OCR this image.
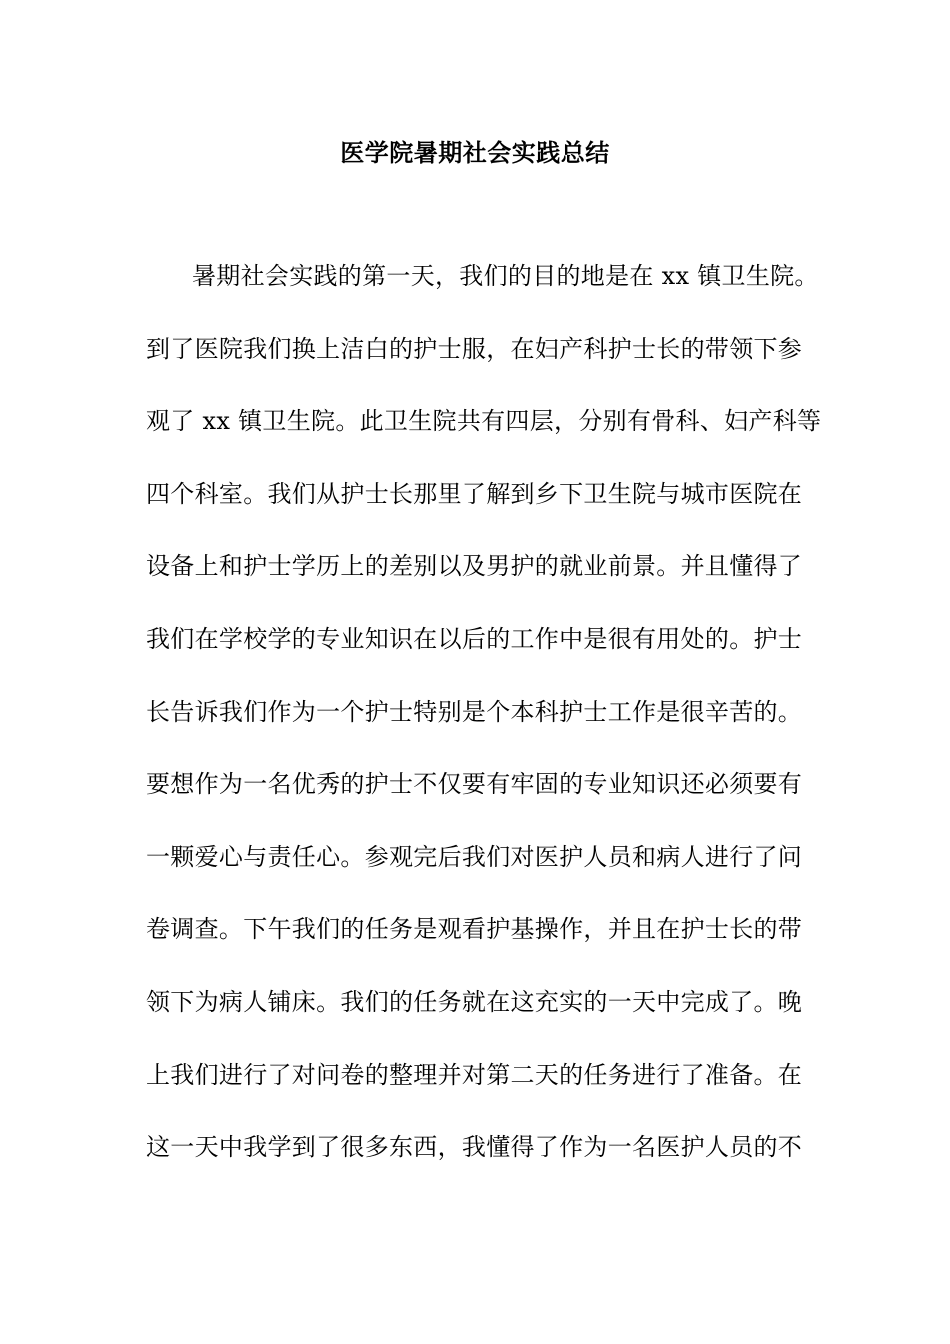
医学院暑期社会实践总结
暑期社会实践的第一天，我们的目的地是在 xx 镇卫生院。
到了医院我们换上洁白的护士服，在妇产科护士长的带领下参
观了 xx 镇卫生院。此卫生院共有四层，分别有骨科、妇产科等
四个科室。我们从护士长那里了解到乡下卫生院与城市医院在
设备上和护士学历上的差别以及男护的就业前景。并且懂得了
我们在学校学的专业知识在以后的工作中是很有用处的。护士
长告诉我们作为一个护士特别是个本科护士工作是很辛苦的。
要想作为一名优秀的护士不仅要有牢固的专业知识还必须要有
一颗爱心与责任心。参观完后我们对医护人员和病人进行了问
卷调查。下午我们的任务是观看护基操作，并且在护士长的带
领下为病人铺床。我们的任务就在这充实的一天中完成了。晚
上我们进行了对问卷的整理并对第二天的任务进行了准备。在
这一天中我学到了很多东西，我懂得了作为一名医护人员的不
